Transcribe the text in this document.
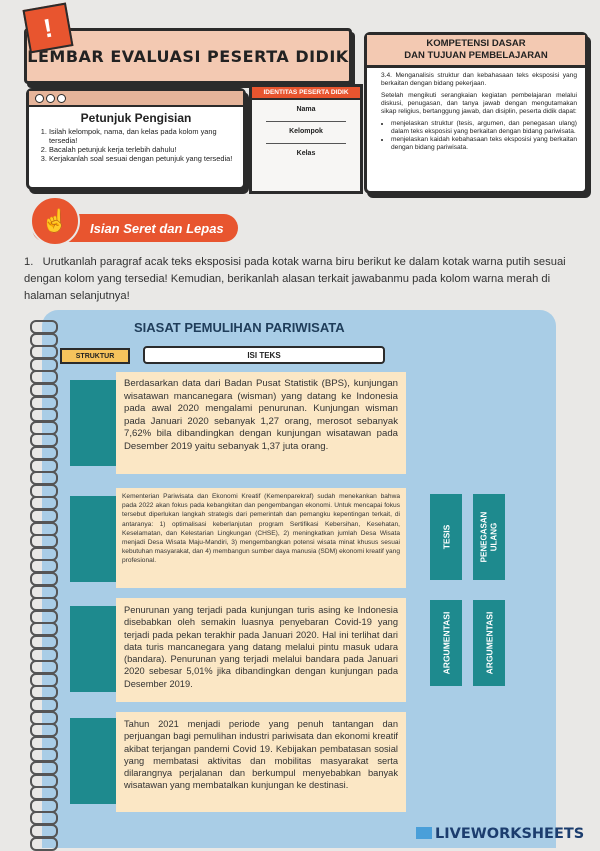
!
LEMBAR EVALUASI PESERTA DIDIK
Petunjuk Pengisian
1. Isilah kelompok, nama, dan kelas pada kolom yang tersedia!
2. Bacalah petunjuk kerja terlebih dahulu!
3. Kerjakanlah soal sesuai dengan petunjuk yang tersedia!
IDENTITAS PESERTA DIDIK
Nama
Kelompok
Kelas
KOMPETENSI DASAR
DAN TUJUAN PEMBELAJARAN

3.4. Menganalisis struktur dan kebahasaan teks eksposisi yang berkaitan dengan bidang pekerjaan.

Setelah mengikuti serangkaian kegiatan pembelajaran melalui diskusi, penugasan, dan tanya jawab dengan mengutamakan sikap religius, bertanggung jawab, dan disiplin, peserta didik dapat:

• menjelaskan struktur (tesis, argumen, dan penegasan ulang) dalam teks eksposisi yang berkaitan dengan bidang pariwisata.
• menjelaskan kaidah kebahasaan teks eksposisi yang berkaitan dengan bidang pariwisata.
Isian Seret dan Lepas
☝
1. Urutkanlah paragraf acak teks eksposisi pada kotak warna biru berikut ke dalam kotak warna putih sesuai dengan kolom yang tersedia! Kemudian, berikanlah alasan terkait jawabanmu pada kolom warna merah di halaman selanjutnya!
SIASAT PEMULIHAN PARIWISATA
STRUKTUR	ISI TEKS
Berdasarkan data dari Badan Pusat Statistik (BPS), kunjungan wisatawan mancanegara (wisman) yang datang ke Indonesia pada awal 2020 mengalami penurunan. Kunjungan wisman pada Januari 2020 sebanyak 1,27 orang, merosot sebanyak 7,62% bila dibandingkan dengan kunjungan wisatawan pada Desember 2019 yaitu sebanyak 1,37 juta orang.
Kementerian Pariwisata dan Ekonomi Kreatif (Kemenparekraf) sudah menekankan bahwa pada 2022 akan fokus pada kebangkitan dan pengembangan ekonomi. Untuk mencapai fokus tersebut diperlukan langkah strategis dari pemerintah dan pemangku kepentingan terkait, di antaranya: 1) optimalisasi keberlanjutan program Sertifikasi Kebersihan, Kesehatan, Keselamatan, dan Kelestarian Lingkungan (CHSE), 2) meningkatkan jumlah Desa Wisata menjadi Desa Wisata Maju-Mandiri, 3) mengembangkan potensi wisata minat khusus sesuai kebutuhan masyarakat, dan 4) membangun sumber daya manusia (SDM) ekonomi kreatif yang profesional.
Penurunan yang terjadi pada kunjungan turis asing ke Indonesia disebabkan oleh semakin luasnya penyebaran Covid-19 yang terjadi pada pekan terakhir pada Januari 2020. Hal ini terlihat dari data turis mancanegara yang datang melalui pintu masuk udara (bandara). Penurunan yang terjadi melalui bandara pada Januari 2020 sebesar 5,01% jika dibandingkan dengan kunjungan pada Desember 2019.
Tahun 2021 menjadi periode yang penuh tantangan dan perjuangan bagi pemulihan industri pariwisata dan ekonomi kreatif akibat terjangan pandemi Covid 19. Kebijakan pembatasan sosial yang membatasi aktivitas dan mobilitas masyarakat serta dilarangnya perjalanan dan berkumpul menyebabkan banyak wisatawan yang membatalkan kunjungan ke destinasi.
TESIS	PENEGASAN ULANG
ARGUMENTASI	ARGUMENTASI
LIVEWORKSHEETS
